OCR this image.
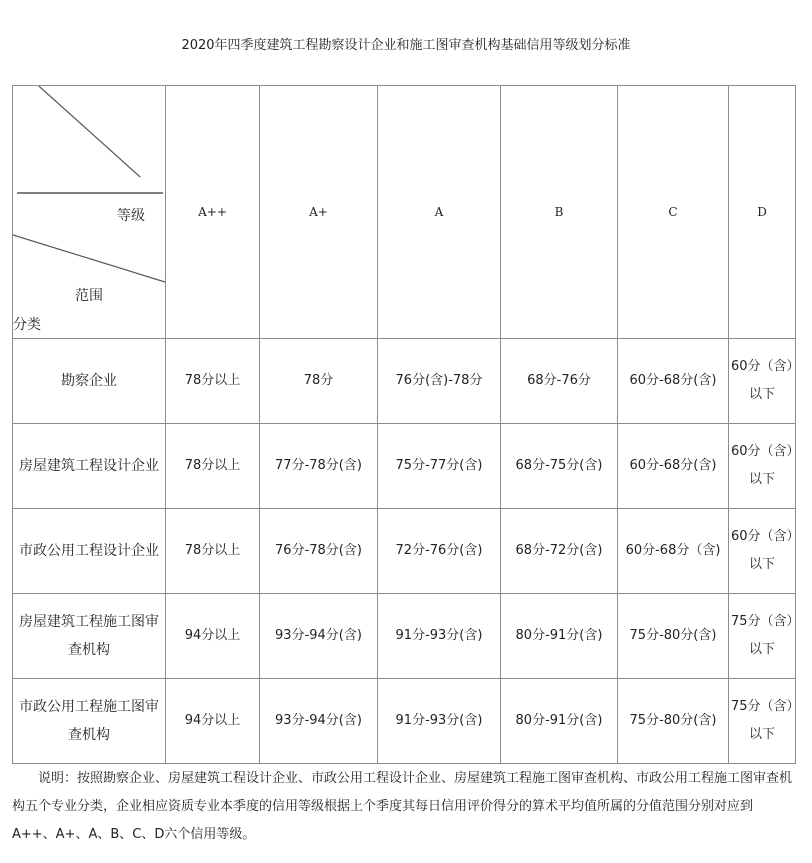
2020年四季度建筑工程勘察设计企业和施工图审查机构基础信用等级划分标准
等级
范围
分类	A++	A+	A	B	C	D
勘察企业	78分以上	78分	76分(含)-78分	68分-76分	60分-68分(含)	60分（含）以下
房屋建筑工程设计企业	78分以上	77分-78分(含)	75分-77分(含)	68分-75分(含)	60分-68分(含)	60分（含）以下
市政公用工程设计企业	78分以上	76分-78分(含)	72分-76分(含)	68分-72分(含)	60分-68分（含)	60分（含）以下
房屋建筑工程施工图审查机构	94分以上	93分-94分(含)	91分-93分(含)	80分-91分(含)	75分-80分(含)	75分（含）以下
市政公用工程施工图审查机构	94分以上	93分-94分(含)	91分-93分(含)	80分-91分(含)	75分-80分(含)	75分（含）以下

说明：按照勘察企业、房屋建筑工程设计企业、市政公用工程设计企业、房屋建筑工程施工图审查机构、市政公用工程施工图审查机构五个专业分类，企业相应资质专业本季度的信用等级根据上个季度其每日信用评价得分的算术平均值所属的分值范围分别对应到A++、A+、A、B、C、D六个信用等级。
